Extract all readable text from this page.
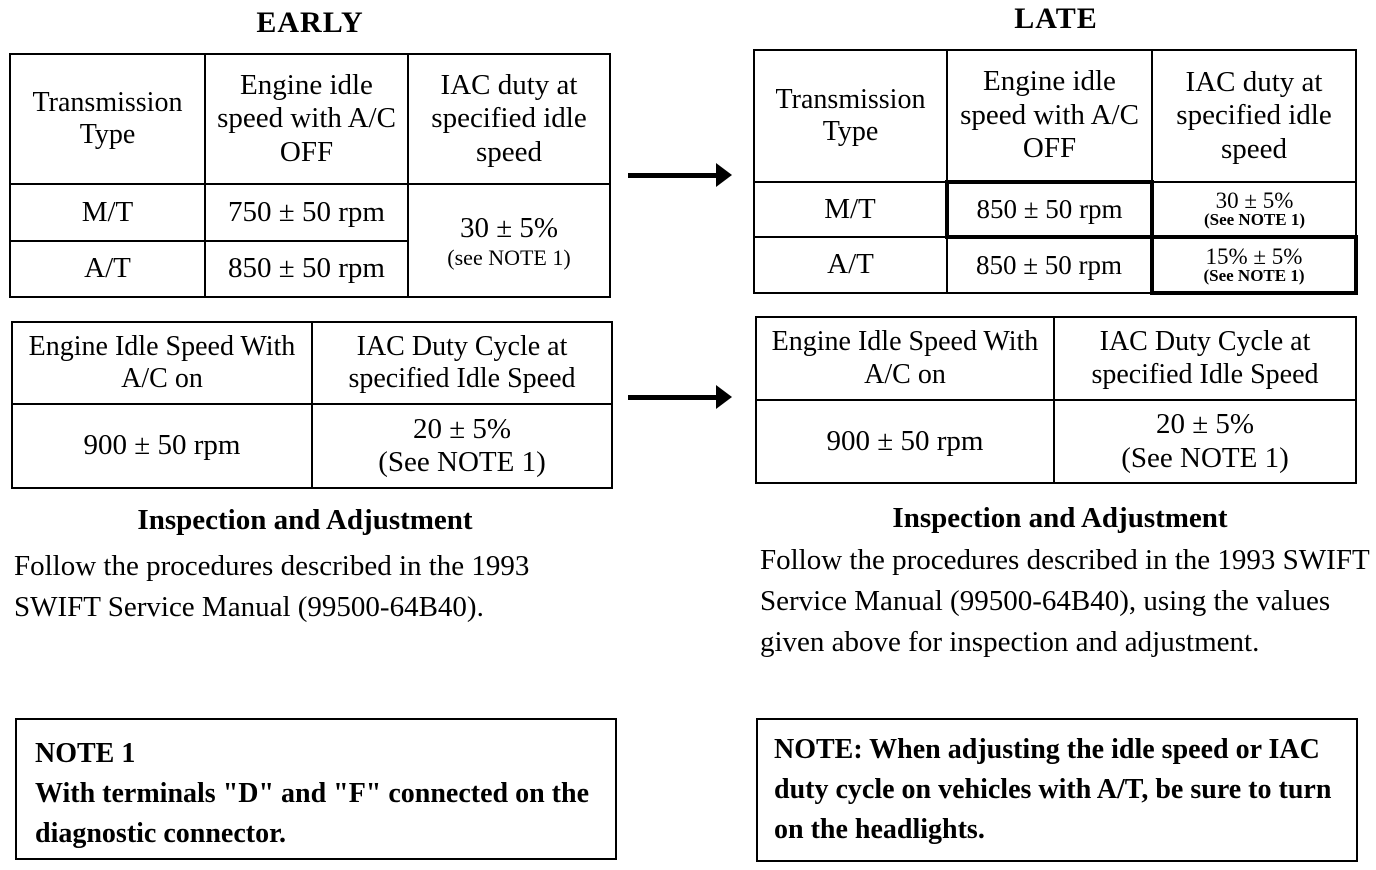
EARLY
Transmission Type	Engine idle speed with A/C OFF	IAC duty at specified idle speed
M/T	750 ± 50 rpm	30 ± 5%
(see NOTE 1)

A/T	850 ± 50 rpm	
Engine Idle Speed With A/C on	IAC Duty Cycle at specified Idle Speed
900 ± 50 rpm	20 ± 5%
(See NOTE 1)
Inspection and Adjustment
Follow the procedures described in the 1993 SWIFT Service Manual (99500-64B40).
NOTE 1
With terminals "D" and "F" connected on the diagnostic connector.
LATE
Transmission Type	Engine idle speed with A/C OFF	IAC duty at specified idle speed
M/T	850 ± 50 rpm	30 ± 5%
(See NOTE 1)

A/T	850 ± 50 rpm	15% ± 5%
(See NOTE 1)
Engine Idle Speed With A/C on	IAC Duty Cycle at specified Idle Speed
900 ± 50 rpm	20 ± 5%
(See NOTE 1)
Inspection and Adjustment
Follow the procedures described in the 1993 SWIFT Service Manual (99500-64B40), using the values given above for inspection and adjustment.
NOTE: When adjusting the idle speed or IAC duty cycle on vehicles with A/T, be sure to turn on the headlights.
